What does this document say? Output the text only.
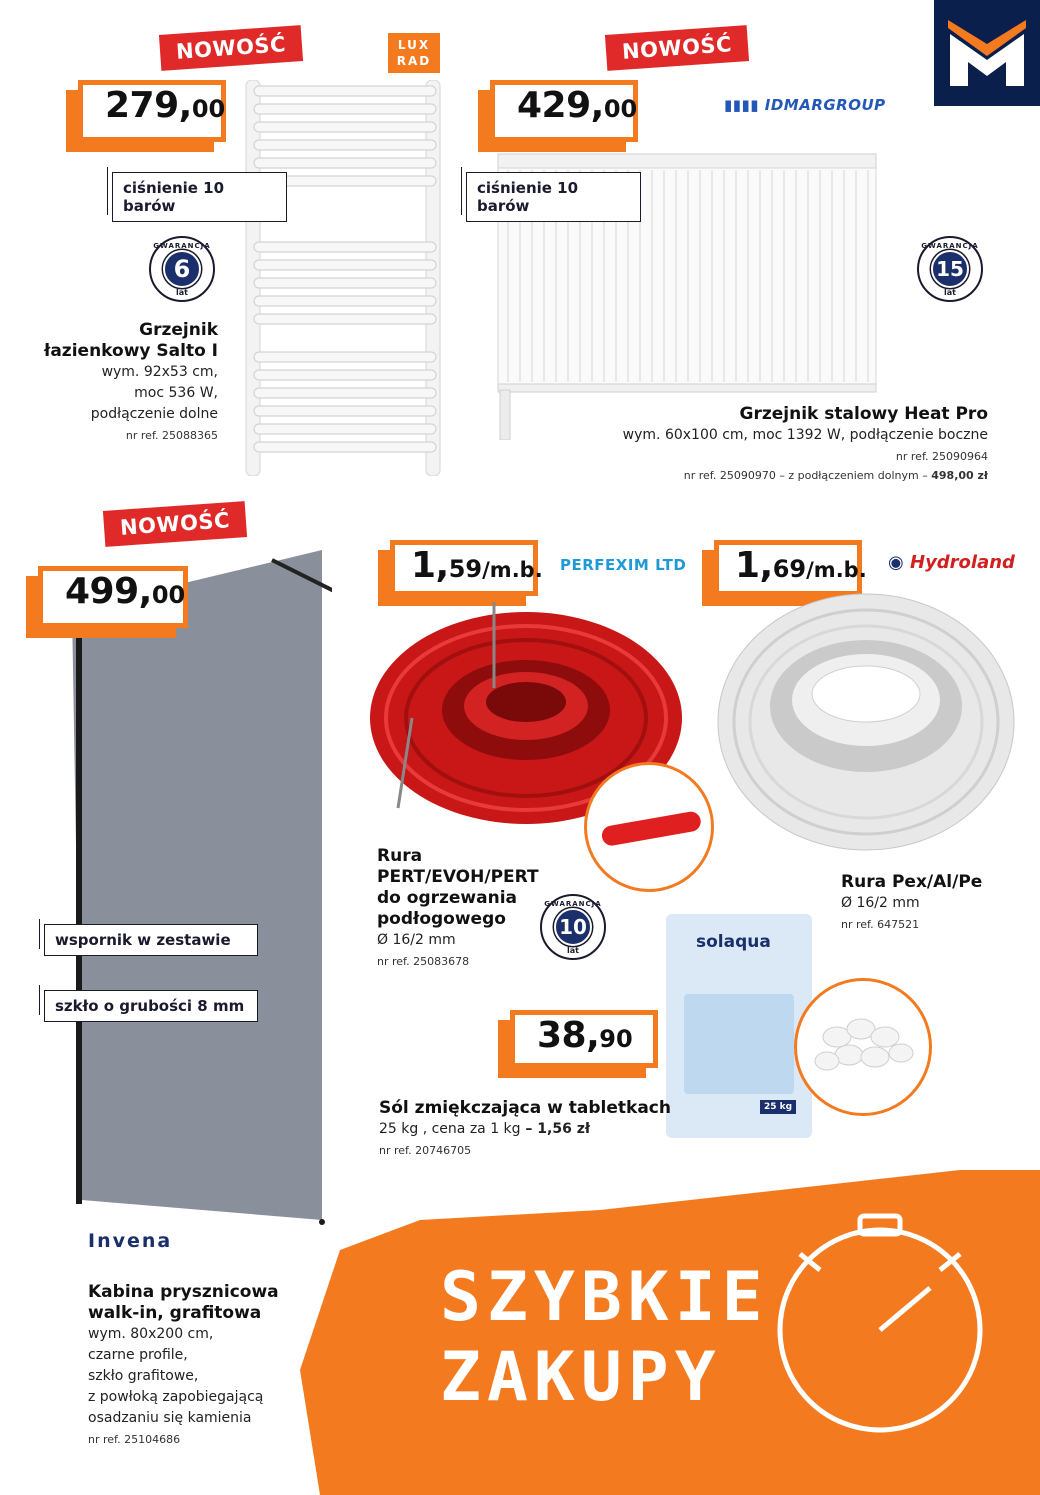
NOWOŚĆ	LUX
RAD
279, 00
ciśnienie 10 barów
GWARANCJA
6
lat
Grzejnik
łazienkowy Salto I
wym. 92x53 cm,
moc 536 W,
podłączenie dolne
nr ref. 25088365
NOWOŚĆ
429, 00	▮▮▮▮ IDMARGROUP
ciśnienie 10 barów
GWARANCJA
15
lat
Grzejnik stalowy Heat Pro
wym. 60x100 cm, moc 1392 W, podłączenie boczne
nr ref. 25090964
nr ref. 25090970 – z podłączeniem dolnym – 498,00 zł
NOWOŚĆ
499, 00
wspornik w zestawie
szkło o grubości 8 mm
Invena
Kabina prysznicowa
walk-in, grafitowa
wym. 80x200 cm,
czarne profile,
szkło grafitowe,
z powłoką zapobiegającą
osadzaniu się kamienia
nr ref. 25104686
1, 59 /m.b. PERFEXIM LTD
Rura
PERT/EVOH/PERT
do ogrzewania
podłogowego
Ø 16/2 mm
nr ref. 25083678
GWARANCJA
10
lat
1, 69 /m.b. ◉ Hydroland
Rura Pex/Al/Pe
Ø 16/2 mm
nr ref. 647521
solaqua
25 kg
38, 90
Sól zmiękczająca w tabletkach
25 kg , cena za 1 kg – 1,56 zł
nr ref. 20746705
SZYBKIE
ZAKUPY
